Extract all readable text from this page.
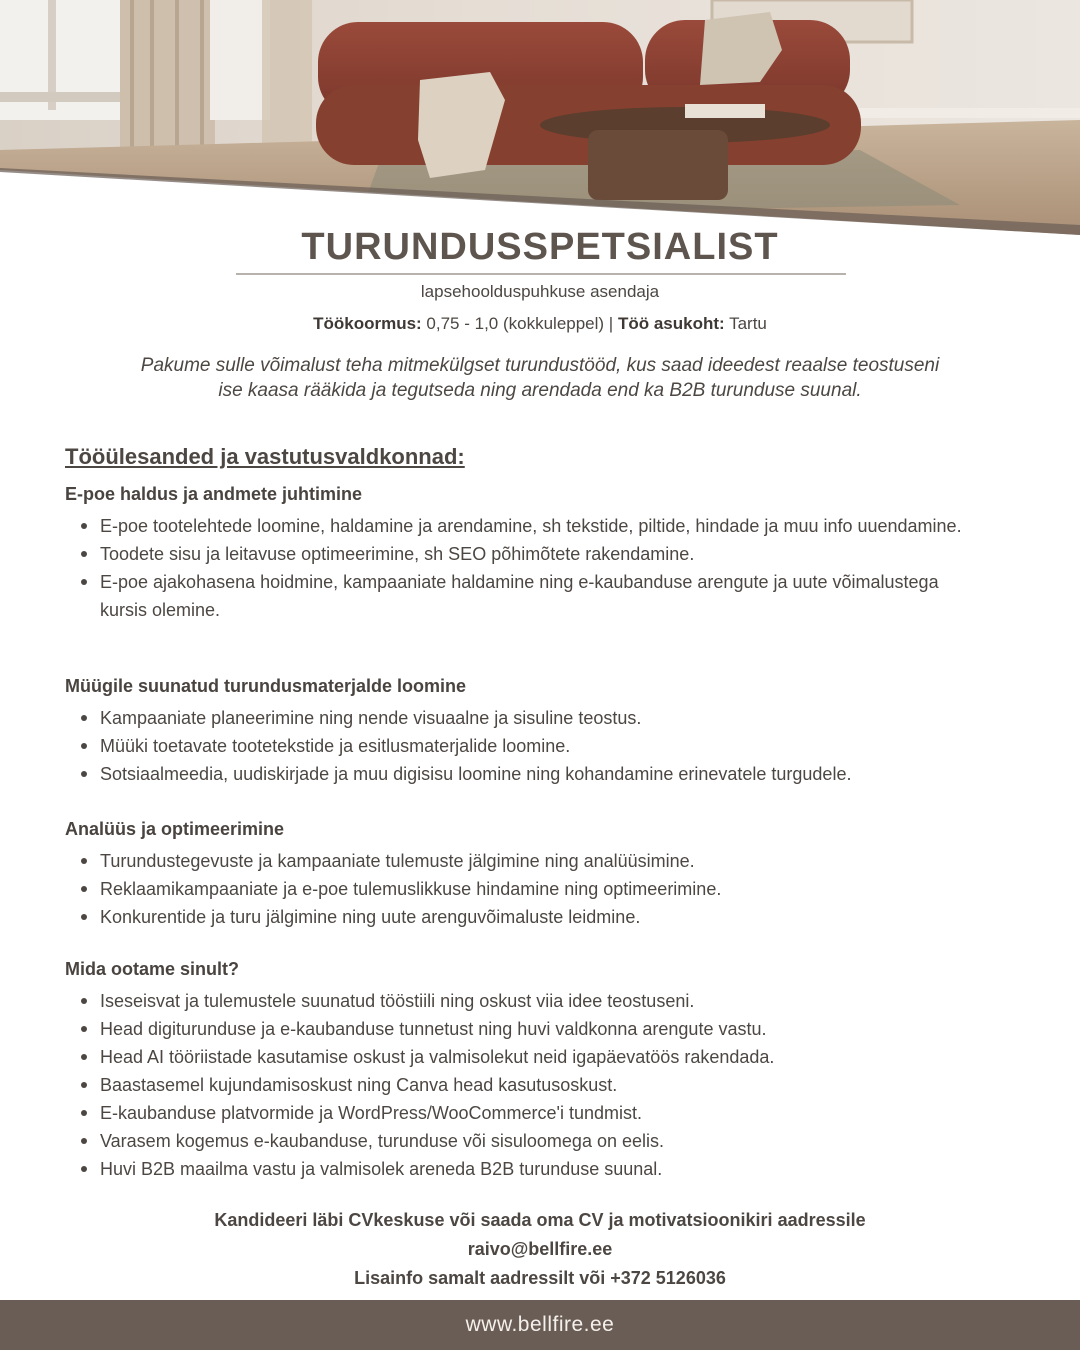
TURUNDUSSPETSIALIST
lapsehoolduspuhkuse asendaja
Töökoormus: 0,75 - 1,0 (kokkuleppel) | Töö asukoht: Tartu
Pakume sulle võimalust teha mitmekülgset turundustööd, kus saad ideedest reaalse teostuseni ise kaasa rääkida ja tegutseda ning arendada end ka B2B turunduse suunal.
Tööülesanded ja vastutusvaldkonnad:
E-poe haldus ja andmete juhtimine
E-poe tootelehtede loomine, haldamine ja arendamine, sh tekstide, piltide, hindade ja muu info uuendamine.
Toodete sisu ja leitavuse optimeerimine, sh SEO põhimõtete rakendamine.
E-poe ajakohasena hoidmine, kampaaniate haldamine ning e-kaubanduse arengute ja uute võimalustega kursis olemine.
Müügile suunatud turundusmaterjalde loomine
Kampaaniate planeerimine ning nende visuaalne ja sisuline teostus.
Müüki toetavate tootetekstide ja esitlusmaterjalide loomine.
Sotsiaalmeedia, uudiskirjade ja muu digisisu loomine ning kohandamine erinevatele turgudele.
Analüüs ja optimeerimine
Turundustegevuste ja kampaaniate tulemuste jälgimine ning analüüsimine.
Reklaamikampaaniate ja e-poe tulemuslikkuse hindamine ning optimeerimine.
Konkurentide ja turu jälgimine ning uute arenguvõimaluste leidmine.
Mida ootame sinult?
Iseseisvat ja tulemustele suunatud tööstiili ning oskust viia idee teostuseni.
Head digiturunduse ja e-kaubanduse tunnetust ning huvi valdkonna arengute vastu.
Head AI tööriistade kasutamise oskust ja valmisolekut neid igapäevatöös rakendada.
Baastasemel kujundamisoskust ning Canva head kasutusoskust.
E-kaubanduse platvormide ja WordPress/WooCommerce'i tundmist.
Varasem kogemus e-kaubanduse, turunduse või sisuloomega on eelis.
Huvi B2B maailma vastu ja valmisolek areneda B2B turunduse suunal.
Kandideeri läbi CVkeskuse või saada oma CV ja motivatsioonikiri aadressile
raivo@bellfire.ee
Lisainfo samalt aadressilt või +372 5126036
www.bellfire.ee
